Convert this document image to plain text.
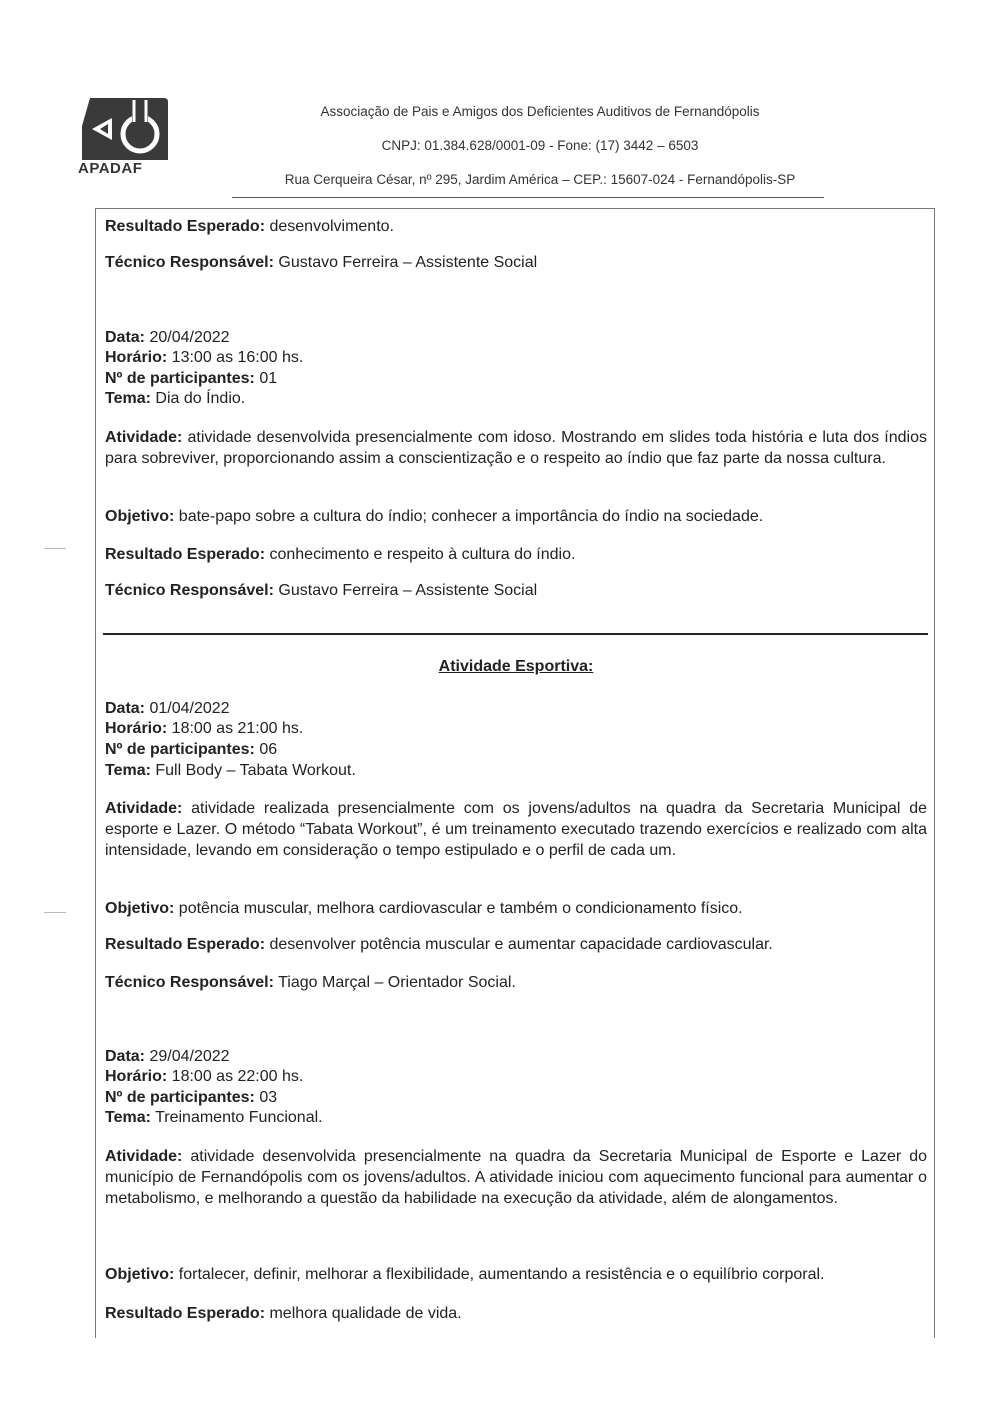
APADAF
Associação de Pais e Amigos dos Deficientes Auditivos de Fernandópolis
CNPJ: 01.384.628/0001-09 - Fone: (17) 3442 – 6503
Rua Cerqueira César, nº 295, Jardim América – CEP.: 15607-024 - Fernandópolis-SP
Resultado Esperado: desenvolvimento.
Técnico Responsável: Gustavo Ferreira – Assistente Social
Data: 20/04/2022
Horário: 13:00 as 16:00 hs.
Nº de participantes: 01
Tema: Dia do Índio.
Atividade: atividade desenvolvida presencialmente com idoso. Mostrando em slides toda história e luta dos índios para sobreviver, proporcionando assim a conscientização e o respeito ao índio que faz parte da nossa cultura.
Objetivo: bate-papo sobre a cultura do índio; conhecer a importância do índio na sociedade.
Resultado Esperado: conhecimento e respeito à cultura do índio.
Técnico Responsável: Gustavo Ferreira – Assistente Social
Atividade Esportiva:
Data: 01/04/2022
Horário: 18:00 as 21:00 hs.
Nº de participantes: 06
Tema: Full Body – Tabata Workout.
Atividade: atividade realizada presencialmente com os jovens/adultos na quadra da Secretaria Municipal de esporte e Lazer. O método “Tabata Workout”, é um treinamento executado trazendo exercícios e realizado com alta intensidade, levando em consideração o tempo estipulado e o perfil de cada um.
Objetivo: potência muscular, melhora cardiovascular e também o condicionamento físico.
Resultado Esperado: desenvolver potência muscular e aumentar capacidade cardiovascular.
Técnico Responsável: Tiago Marçal – Orientador Social.
Data: 29/04/2022
Horário: 18:00 as 22:00 hs.
Nº de participantes: 03
Tema: Treinamento Funcional.
Atividade: atividade desenvolvida presencialmente na quadra da Secretaria Municipal de Esporte e Lazer do município de Fernandópolis com os jovens/adultos. A atividade iniciou com aquecimento funcional para aumentar o metabolismo, e melhorando a questão da habilidade na execução da atividade, além de alongamentos.
Objetivo: fortalecer, definir, melhorar a flexibilidade, aumentando a resistência e o equilíbrio corporal.
Resultado Esperado: melhora qualidade de vida.
